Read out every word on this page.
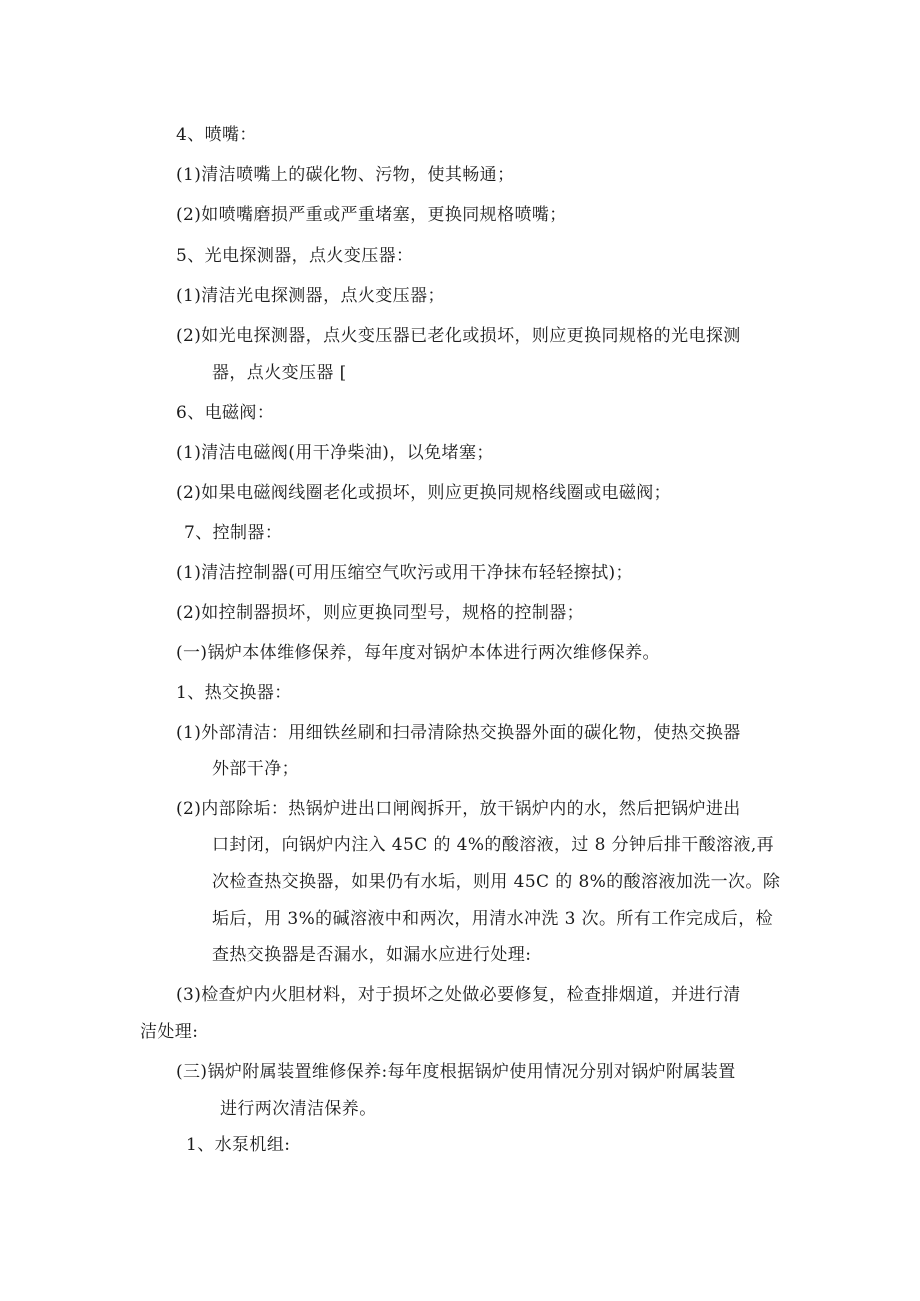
4、喷嘴：
(1)清洁喷嘴上的碳化物、污物，使其畅通；
(2)如喷嘴磨损严重或严重堵塞，更换同规格喷嘴；
5、光电探测器，点火变压器：
(1)清洁光电探测器，点火变压器；
(2)如光电探测器，点火变压器已老化或损坏，则应更换同规格的光电探测
器，点火变压器 [
6、电磁阀：
(1)清洁电磁阀(用干净柴油)，以免堵塞；
(2)如果电磁阀线圈老化或损坏，则应更换同规格线圈或电磁阀；
7、控制器：
(1)清洁控制器(可用压缩空气吹污或用干净抹布轻轻擦拭)；
(2)如控制器损坏，则应更换同型号，规格的控制器；
(一)锅炉本体维修保养，每年度对锅炉本体进行两次维修保养。
1、热交换器：
(1)外部清洁：用细铁丝刷和扫帚清除热交换器外面的碳化物，使热交换器
外部干净；
(2)内部除垢：热锅炉进出口闸阀拆开，放干锅炉内的水，然后把锅炉进出
口封闭，向锅炉内注入 45C 的 4%的酸溶液，过 8 分钟后排干酸溶液,再
次检查热交换器，如果仍有水垢，则用 45C 的 8%的酸溶液加洗一次。除
垢后，用 3%的碱溶液中和两次，用清水冲洗 3 次。所有工作完成后，检
查热交换器是否漏水，如漏水应进行处理:
(3)检查炉内火胆材料，对于损坏之处做必要修复，检查排烟道，并进行清
洁处理:
(三)锅炉附属装置维修保养:每年度根据锅炉使用情况分别对锅炉附属装置
进行两次清洁保养。
1、水泵机组:
